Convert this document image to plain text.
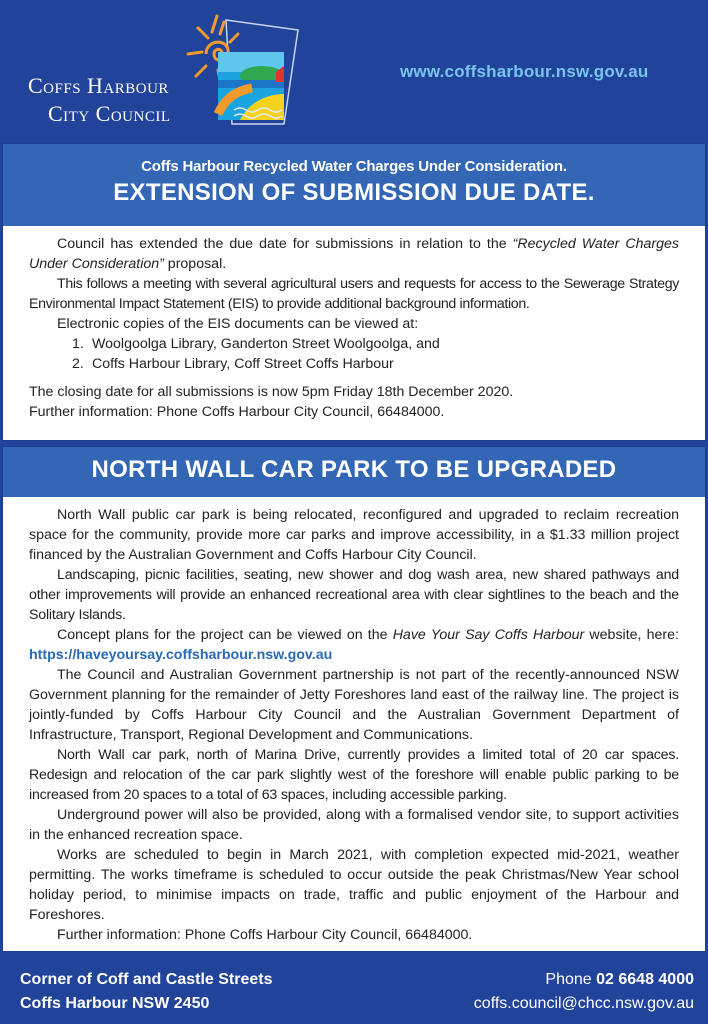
Coffs Harbour
City Council
www.coffsharbour.nsw.gov.au
Coffs Harbour Recycled Water Charges Under Consideration.
EXTENSION OF SUBMISSION DUE DATE.

Council has extended the due date for submissions in relation to the “Recycled Water Charges Under Consideration” proposal.

This follows a meeting with several agricultural users and requests for access to the Sewerage Strategy Environmental Impact Statement (EIS) to provide additional background information.

Electronic copies of the EIS documents can be viewed at:

1. Woolgoolga Library, Ganderton Street Woolgoolga, and
2. Coffs Harbour Library, Coff Street Coffs Harbour

The closing date for all submissions is now 5pm Friday 18th December 2020.

Further information: Phone Coffs Harbour City Council, 66484000.

NORTH WALL CAR PARK TO BE UPGRADED

North Wall public car park is being relocated, reconfigured and upgraded to reclaim recreation space for the community, provide more car parks and improve accessibility, in a $1.33 million project financed by the Australian Government and Coffs Harbour City Council.

Landscaping, picnic facilities, seating, new shower and dog wash area, new shared pathways and other improvements will provide an enhanced recreational area with clear sightlines to the beach and the Solitary Islands.

Concept plans for the project can be viewed on the Have Your Say Coffs Harbour website, here: https://haveyoursay.coffsharbour.nsw.gov.au

The Council and Australian Government partnership is not part of the recently-announced NSW Government planning for the remainder of Jetty Foreshores land east of the railway line. The project is jointly-funded by Coffs Harbour City Council and the Australian Government Department of Infrastructure, Transport, Regional Development and Communications.

North Wall car park, north of Marina Drive, currently provides a limited total of 20 car spaces. Redesign and relocation of the car park slightly west of the foreshore will enable public parking to be increased from 20 spaces to a total of 63 spaces, including accessible parking.

Underground power will also be provided, along with a formalised vendor site, to support activities in the enhanced recreation space.

Works are scheduled to begin in March 2021, with completion expected mid-2021, weather permitting. The works timeframe is scheduled to occur outside the peak Christmas/New Year school holiday period, to minimise impacts on trade, traffic and public enjoyment of the Harbour and Foreshores.

Further information: Phone Coffs Harbour City Council, 66484000.

Corner of Coff and Castle Streets
Coffs Harbour NSW 2450
Phone 02 6648 4000
coffs.council@chcc.nsw.gov.au
